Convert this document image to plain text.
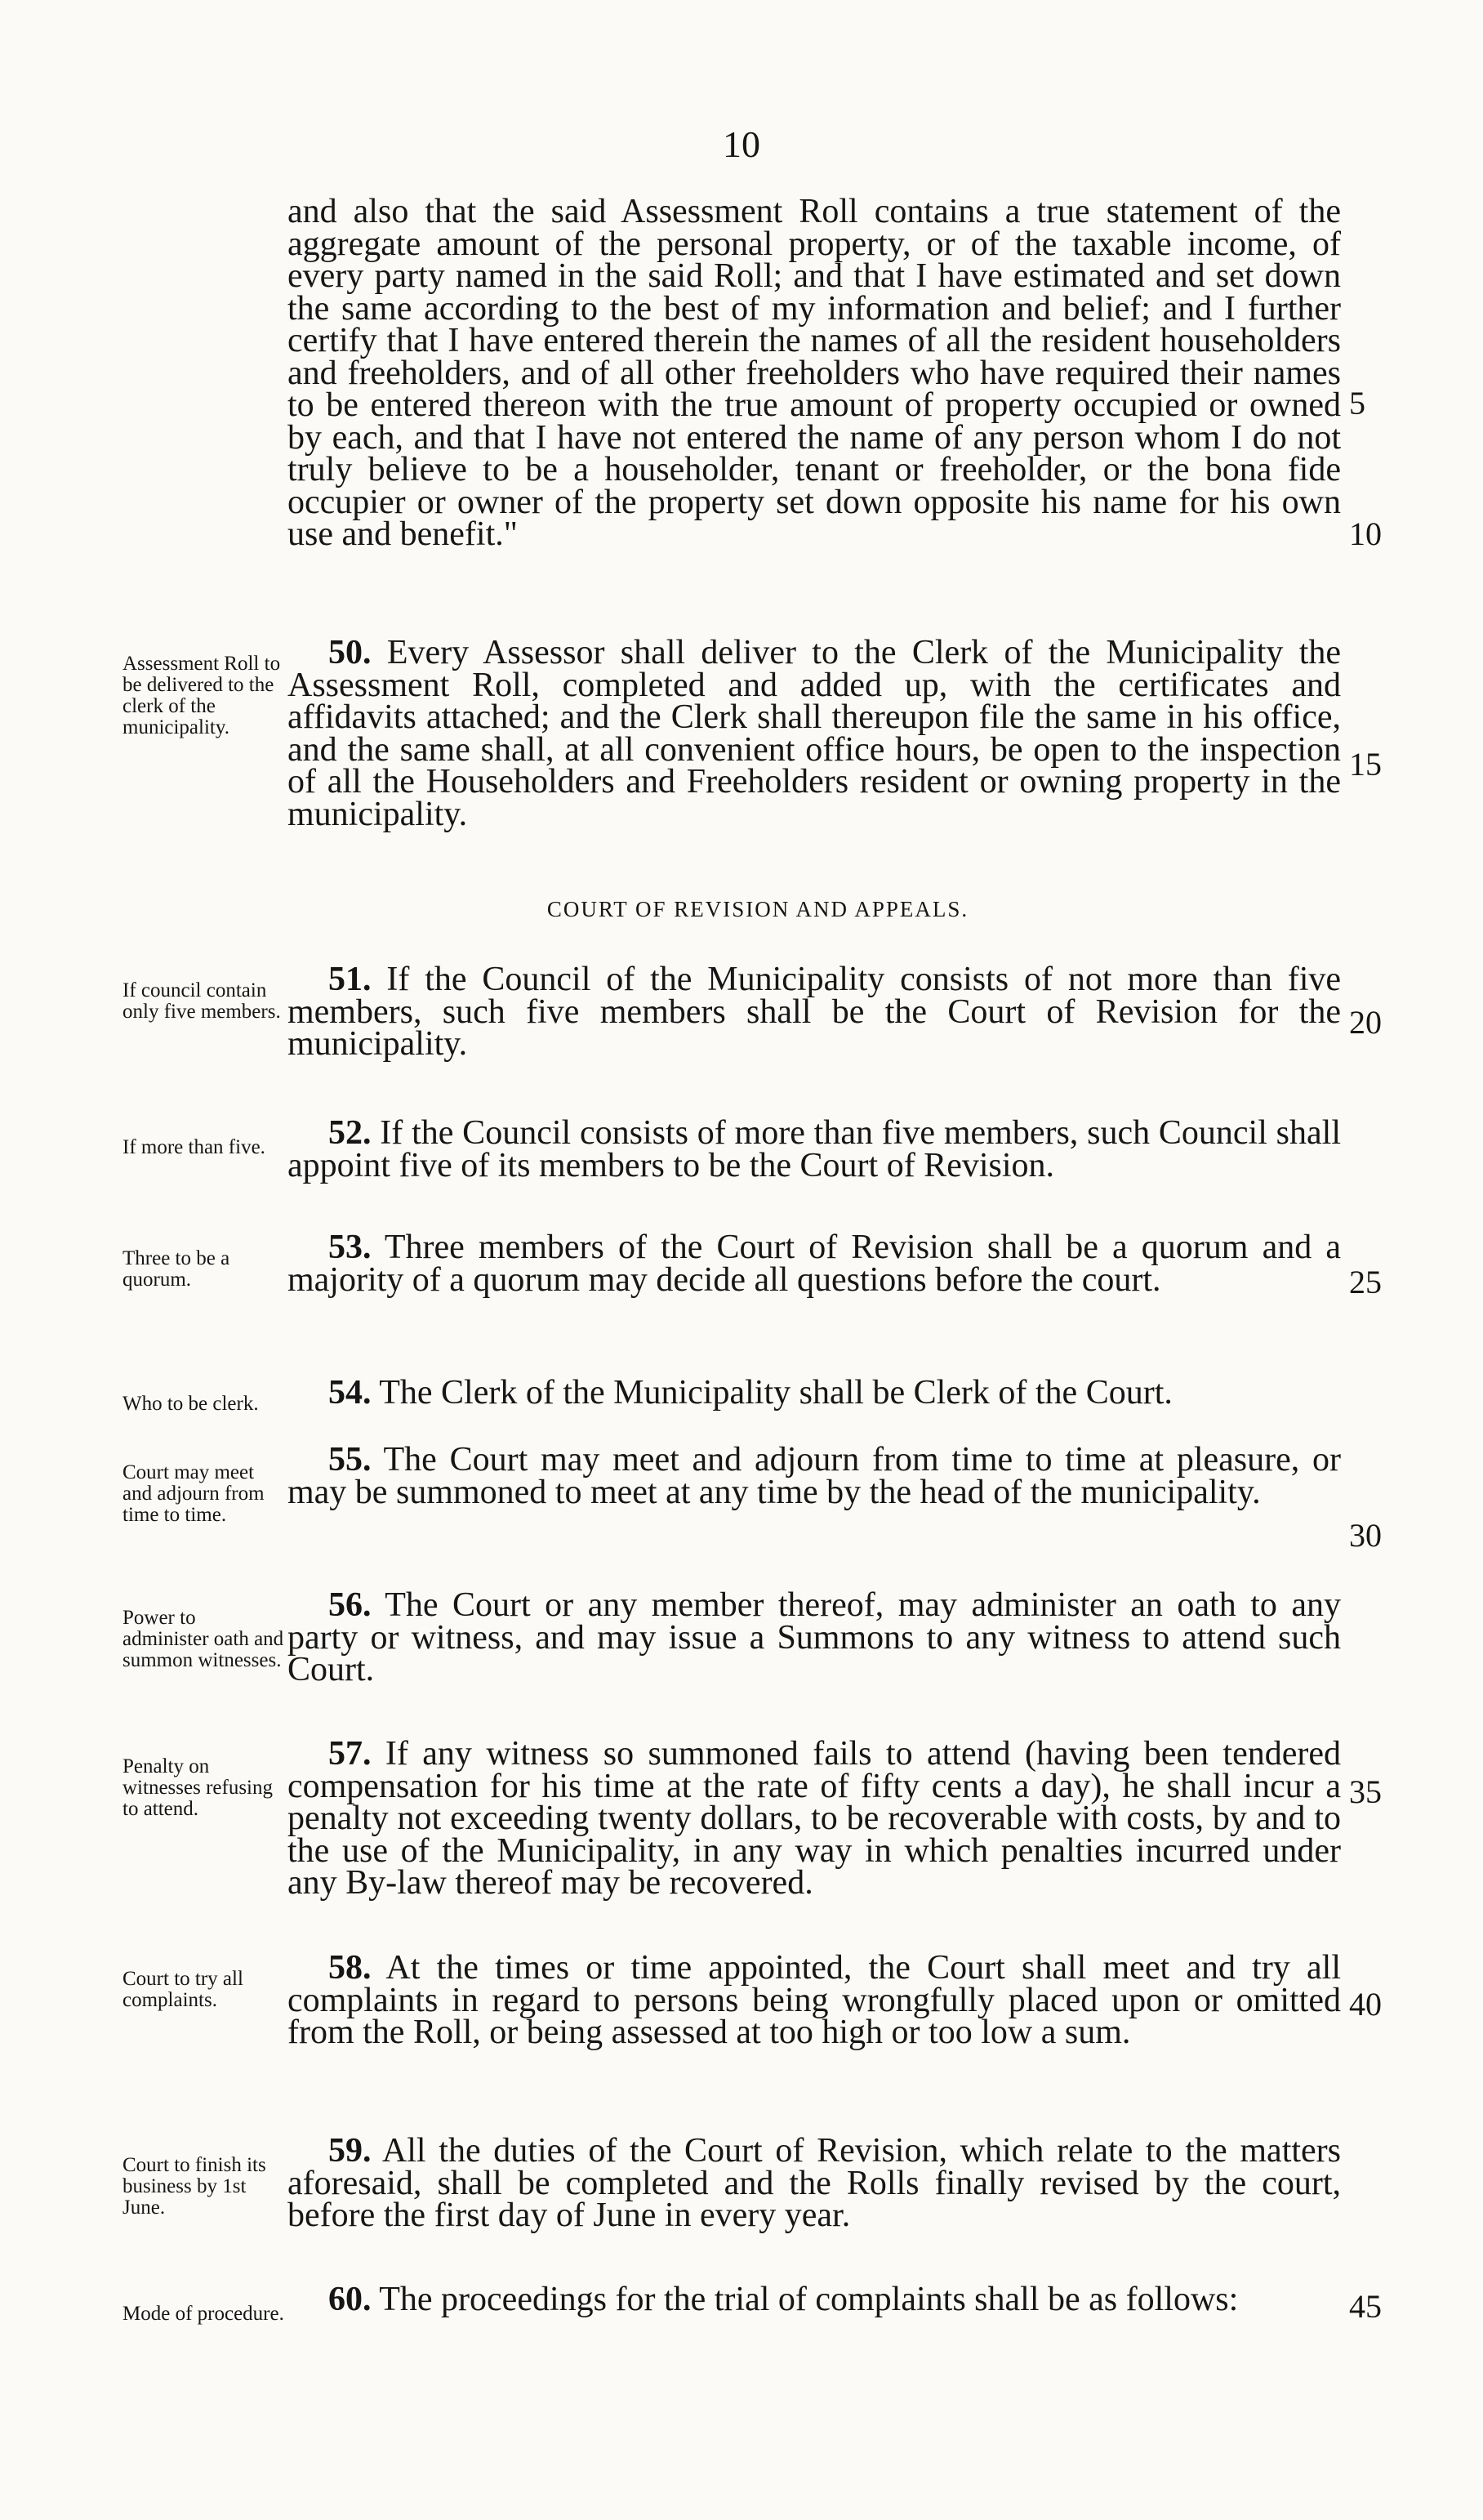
10

and also that the said Assessment Roll contains a true statement of the aggregate amount of the personal property, or of the taxable income, of every party named in the said Roll; and that I have estimated and set down the same according to the best of my information and belief; and I further certify that I have entered therein the names of all the resident householders and freeholders, and of all other freeholders who have required their names to be entered thereon with the true amount of property occupied or owned by each, and that I have not entered the name of any person whom I do not truly believe to be a householder, tenant or freeholder, or the bona fide occupier or owner of the property set down opposite his name for his own use and benefit."

Assessment Roll to be delivered to the clerk of the municipality.

50. Every Assessor shall deliver to the Clerk of the Municipality the Assessment Roll, completed and added up, with the certificates and affidavits attached; and the Clerk shall thereupon file the same in his office, and the same shall, at all convenient office hours, be open to the inspection of all the Householders and Freeholders resident or owning property in the municipality.

COURT OF REVISION AND APPEALS.
If council contain only five members.

51. If the Council of the Municipality consists of not more than five members, such five members shall be the Court of Revision for the municipality.

If more than five.	52. If the Council consists of more than five members, such Council shall appoint five of its members to be the Court of Revision.

Three to be a quorum.

53. Three members of the Court of Revision shall be a quorum and a majority of a quorum may decide all questions before the court.

Who to be clerk.	54. The Clerk of the Municipality shall be Clerk of the Court.

Court may meet and adjourn from time to time.

55. The Court may meet and adjourn from time to time at pleasure, or may be summoned to meet at any time by the head of the municipality.

Power to administer oath and summon witnesses.

56. The Court or any member thereof, may administer an oath to any party or witness, and may issue a Summons to any witness to attend such Court.

Penalty on witnesses refusing to attend.

57. If any witness so summoned fails to attend (having been tendered compensation for his time at the rate of fifty cents a day), he shall incur a penalty not exceeding twenty dollars, to be recoverable with costs, by and to the use of the Municipality, in any way in which penalties incurred under any By-law thereof may be recovered.

Court to try all complaints.

58. At the times or time appointed, the Court shall meet and try all complaints in regard to persons being wrongfully placed upon or omitted from the Roll, or being assessed at too high or too low a sum.

Court to finish its business by 1st June.

59. All the duties of the Court of Revision, which relate to the matters aforesaid, shall be completed and the Rolls finally revised by the court, before the first day of June in every year.

Mode of procedure.	60. The proceedings for the trial of complaints shall be as follows:

5
10
15
20
25
30
35
40
45
